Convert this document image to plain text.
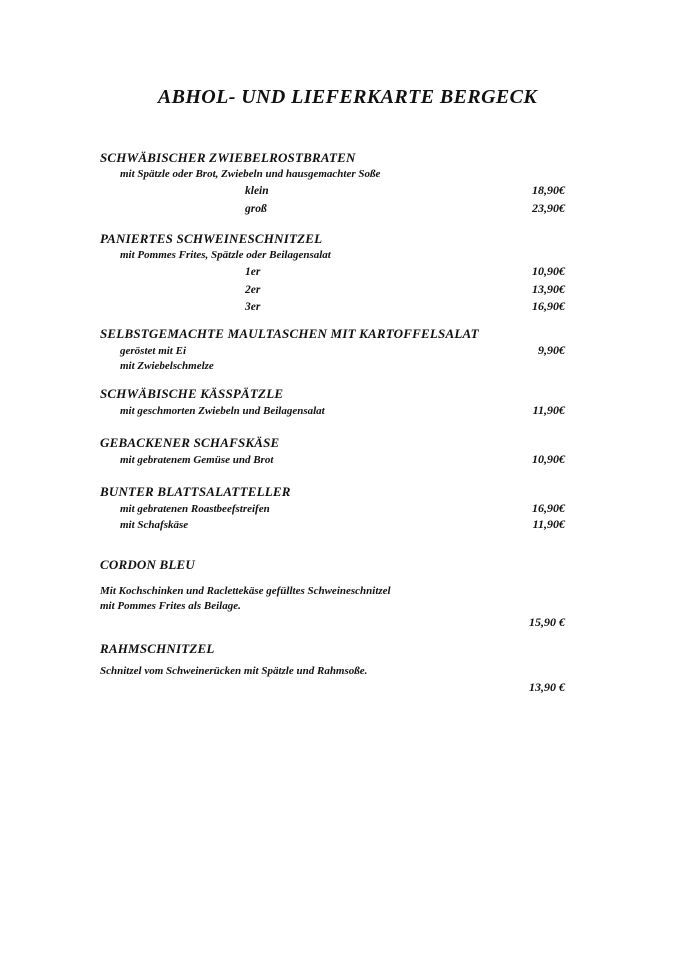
ABHOL- UND LIEFERKARTE BERGECK
SCHWÄBISCHER ZWIEBELROSTBRATEN
mit Spätzle oder Brot, Zwiebeln und hausgemachter Soße
klein	18,90€
groß	23,90€
PANIERTES SCHWEINESCHNITZEL
mit Pommes Frites, Spätzle oder Beilagensalat
1er	10,90€
2er	13,90€
3er	16,90€
SELBSTGEMACHTE MAULTASCHEN MIT KARTOFFELSALAT
geröstet mit Ei	9,90€
mit Zwiebelschmelze
SCHWÄBISCHE KÄSSPÄTZLE
mit geschmorten Zwiebeln und Beilagensalat	11,90€
GEBACKENER SCHAFSKÄSE
mit gebratenem Gemüse und Brot	10,90€
BUNTER BLATTSALATTELLER
mit gebratenen Roastbeefstreifen	16,90€
mit Schafskäse	11,90€
CORDON BLEU
Mit Kochschinken und Raclettekäse gefülltes Schweineschnitzel
mit Pommes Frites als Beilage.
15,90 €
RAHMSCHNITZEL
Schnitzel vom Schweinerücken mit Spätzle und Rahmsoße.
13,90 €
